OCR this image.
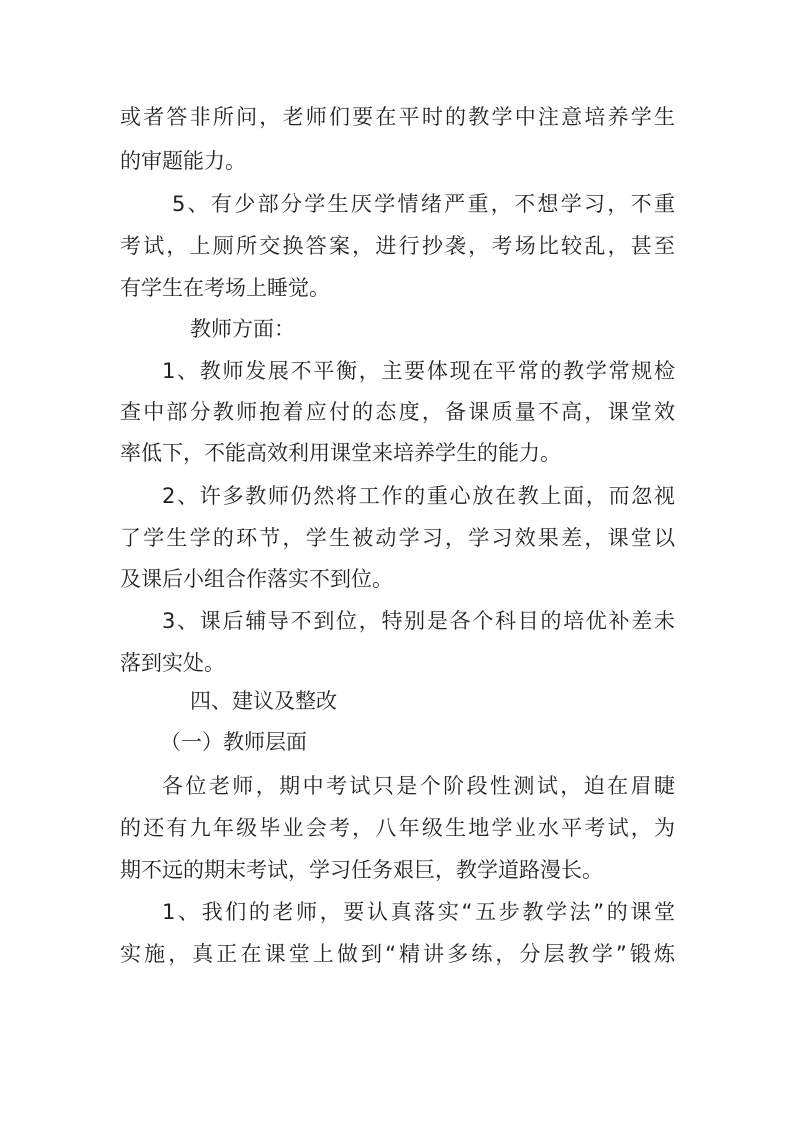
或者答非所问，老师们要在平时的教学中注意培养学生
的审题能力。
5、有少部分学生厌学情绪严重，不想学习，不重
考试，上厕所交换答案，进行抄袭，考场比较乱，甚至
有学生在考场上睡觉。
教师方面：
1、教师发展不平衡，主要体现在平常的教学常规检
查中部分教师抱着应付的态度，备课质量不高，课堂效
率低下，不能高效利用课堂来培养学生的能力。
2、许多教师仍然将工作的重心放在教上面，而忽视
了学生学的环节，学生被动学习，学习效果差，课堂以
及课后小组合作落实不到位。
3、课后辅导不到位，特别是各个科目的培优补差未
落到实处。
四、建议及整改
（一）教师层面
各位老师，期中考试只是个阶段性测试，迫在眉睫
的还有九年级毕业会考，八年级生地学业水平考试，为
期不远的期末考试，学习任务艰巨，教学道路漫长。
1、我们的老师，要认真落实“五步教学法”的课堂
实施，真正在课堂上做到“精讲多练，分层教学”锻炼
